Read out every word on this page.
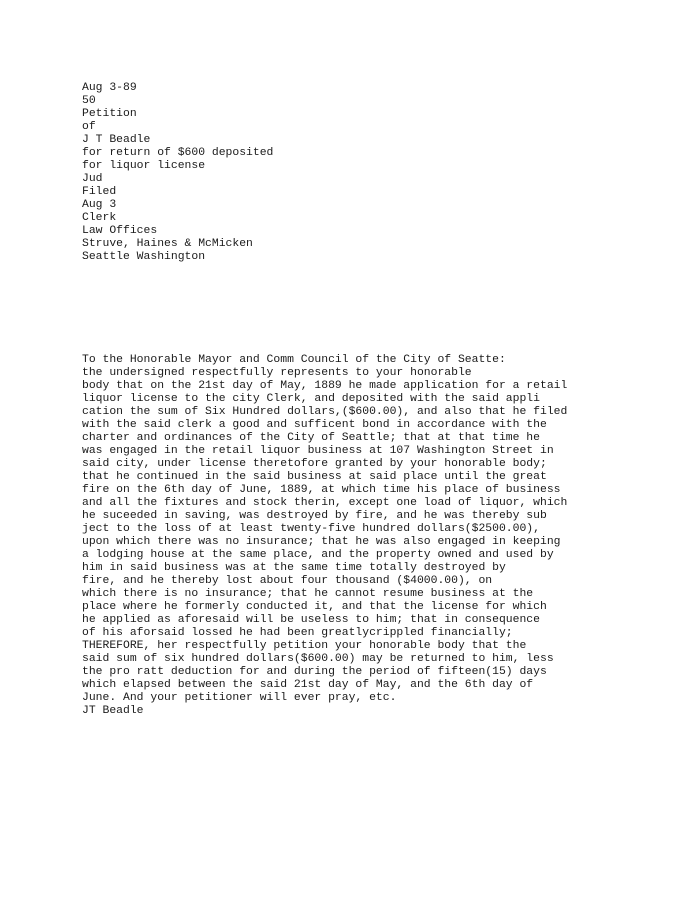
Aug 3-89

50

Petition

of

J T Beadle

for return of $600 deposited

for liquor license

Jud

Filed

Aug 3

Clerk

Law Offices

Struve, Haines & McMicken

Seattle Washington

To the Honorable Mayor and Comm Council of the City of Seatte:

the undersigned respectfully represents to your honorable

body that on the 21st day of May, 1889 he made application for a retail

liquor license to the city Clerk, and deposited with the said appli

cation the sum of Six Hundred dollars,($600.00), and also that he filed

with the said clerk a good and sufficent bond in accordance with the

charter and ordinances of the City of Seattle; that at that time he

was engaged in the retail liquor business at 107 Washington Street in

said city, under license theretofore granted by your honorable body;

that he continued in the said business at said place until the great

fire on the 6th day of June, 1889, at which time his place of business

and all the fixtures and stock therin, except one load of liquor, which

he suceeded in saving, was destroyed by fire, and he was thereby sub

ject to the loss of at least twenty-five hundred dollars($2500.00),

upon which there was no insurance; that he was also engaged in keeping

a lodging house at the same place, and the property owned and used by

him in said business was at the same time totally destroyed by

fire, and he thereby lost about four thousand ($4000.00), on

which there is no insurance; that he cannot resume business at the

place where he formerly conducted it, and that the license for which

he applied as aforesaid will be useless to him; that in consequence

of his aforsaid lossed he had been greatlycrippled financially;

THEREFORE, her respectfully petition your honorable body that the

said sum of six hundred dollars($600.00) may be returned to him, less

the pro ratt deduction for and during the period of fifteen(15) days

which elapsed between the said 21st day of May, and the 6th day of

June. And your petitioner will ever pray, etc.

JT Beadle
